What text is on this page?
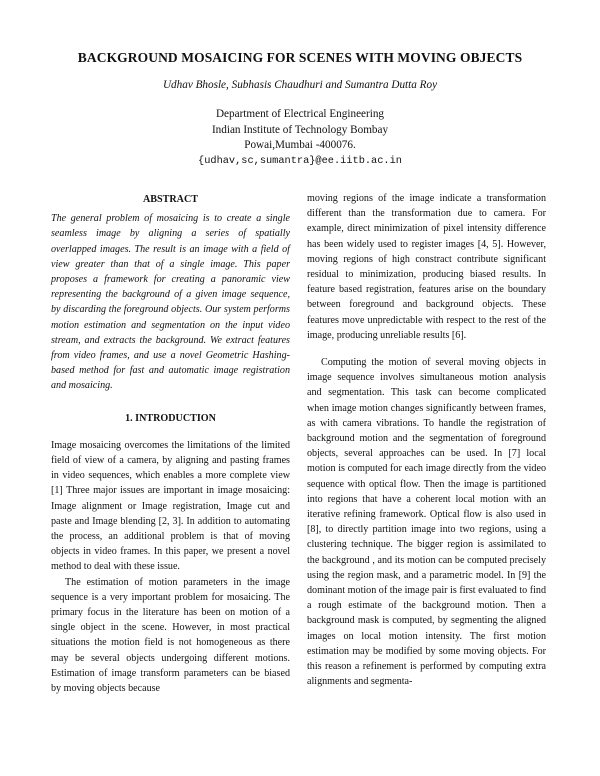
BACKGROUND MOSAICING FOR SCENES WITH MOVING OBJECTS
Udhav Bhosle, Subhasis Chaudhuri and Sumantra Dutta Roy
Department of Electrical Engineering
Indian Institute of Technology Bombay
Powai,Mumbai -400076.
{udhav,sc,sumantra}@ee.iitb.ac.in
ABSTRACT

The general problem of mosaicing is to create a single seamless image by aligning a series of spatially overlapped images. The result is an image with a field of view greater than that of a single image. This paper proposes a framework for creating a panoramic view representing the background of a given image sequence, by discarding the foreground objects. Our system performs motion estimation and segmentation on the input video stream, and extracts the background. We extract features from video frames, and use a novel Geometric Hashing-based method for fast and automatic image registration and mosaicing.

1. INTRODUCTION

Image mosaicing overcomes the limitations of the limited field of view of a camera, by aligning and pasting frames in video sequences, which enables a more complete view [1] Three major issues are important in image mosaicing: Image alignment or Image registration, Image cut and paste and Image blending [2, 3]. In addition to automating the process, an additional problem is that of moving objects in video frames. In this paper, we present a novel method to deal with these issue.

The estimation of motion parameters in the image sequence is a very important problem for mosaicing. The primary focus in the literature has been on motion of a single object in the scene. However, in most practical situations the motion field is not homogeneous as there may be several objects undergoing different motions. Estimation of image transform parameters can be biased by moving objects because

moving regions of the image indicate a transformation different than the transformation due to camera. For example, direct minimization of pixel intensity difference has been widely used to register images [4, 5]. However, moving regions of high constract contribute significant residual to minimization, producing biased results. In feature based registration, features arise on the boundary between foreground and background objects. These features move unpredictable with respect to the rest of the image, producing unreliable results [6].

Computing the motion of several moving objects in image sequence involves simultaneous motion analysis and segmentation. This task can become complicated when image motion changes significantly between frames, as with camera vibrations. To handle the registration of background motion and the segmentation of foreground objects, several approaches can be used. In [7] local motion is computed for each image directly from the video sequence with optical flow. Then the image is partitioned into regions that have a coherent local motion with an iterative refining framework. Optical flow is also used in [8], to directly partition image into two regions, using a clustering technique. The bigger region is assimilated to the background , and its motion can be computed precisely using the region mask, and a parametric model. In [9] the dominant motion of the image pair is first evaluated to find a rough estimate of the background motion. Then a background mask is computed, by segmenting the aligned images on local motion intensity. The first motion estimation may be modified by some moving objects. For this reason a refinement is performed by computing extra alignments and segmenta-
